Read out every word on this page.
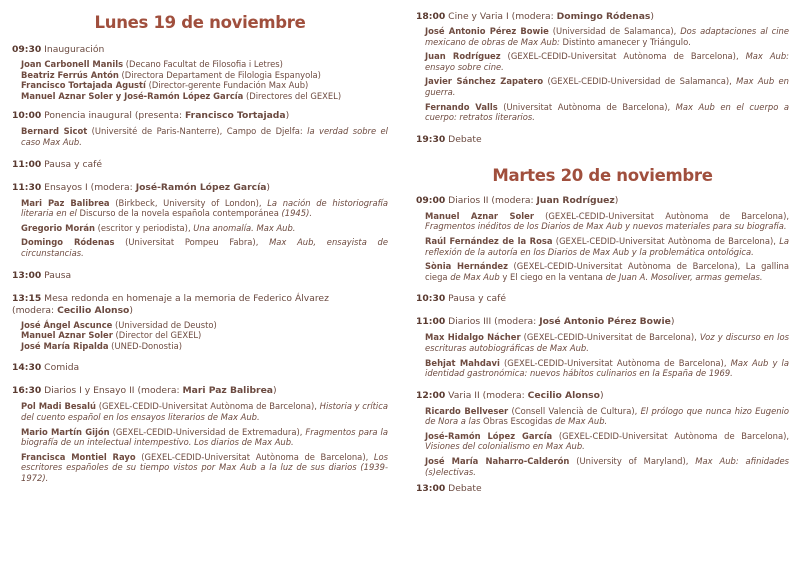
Lunes 19 de noviembre
09:30 Inauguración
Joan Carbonell Manils (Decano Facultat de Filosofia i Letres)
Beatriz Ferrús Antón (Directora Departament de Filologia Espanyola)
Francisco Tortajada Agustí (Director-gerente Fundación Max Aub)
Manuel Aznar Soler y José-Ramón López García (Directores del GEXEL)
10:00 Ponencia inaugural (presenta: Francisco Tortajada)
Bernard Sicot (Université de Paris-Nanterre), Campo de Djelfa: la verdad sobre el caso Max Aub.
11:00 Pausa y café
11:30 Ensayos I (modera: José-Ramón López García)
Mari Paz Balibrea (Birkbeck, University of London), La nación de historiografía literaria en el Discurso de la novela española contemporánea (1945).
Gregorio Morán (escritor y periodista), Una anomalía. Max Aub.
Domingo Ródenas (Universitat Pompeu Fabra), Max Aub, ensayista de circunstancias.
13:00 Pausa
13:15 Mesa redonda en homenaje a la memoria de Federico Álvarez
(modera: Cecilio Alonso)
José Ángel Ascunce (Universidad de Deusto)
Manuel Aznar Soler (Director del GEXEL)
José María Ripalda (UNED-Donostia)
14:30 Comida
16:30 Diarios I y Ensayo II (modera: Mari Paz Balibrea)
Pol Madi Besalú (GEXEL-CEDID-Universitat Autònoma de Barcelona), Historia y crítica del cuento español en los ensayos literarios de Max Aub.
Mario Martín Gijón (GEXEL-CEDID-Universidad de Extremadura), Fragmentos para la biografía de un intelectual intempestivo. Los diarios de Max Aub.
Francisca Montiel Rayo (GEXEL-CEDID-Universitat Autònoma de Barcelona), Los escritores españoles de su tiempo vistos por Max Aub a la luz de sus diarios (1939-1972).
18:00 Cine y Varia I (modera: Domingo Ródenas)
José Antonio Pérez Bowie (Universidad de Salamanca), Dos adaptaciones al cine mexicano de obras de Max Aub: Distinto amanecer y Triángulo.
Juan Rodríguez (GEXEL-CEDID-Universitat Autònoma de Barcelona), Max Aub: ensayo sobre cine.
Javier Sánchez Zapatero (GEXEL-CEDID-Universidad de Salamanca), Max Aub en guerra.
Fernando Valls (Universitat Autònoma de Barcelona), Max Aub en el cuerpo a cuerpo: retratos literarios.
19:30 Debate
Martes 20 de noviembre
09:00 Diarios II (modera: Juan Rodríguez)
Manuel Aznar Soler (GEXEL-CEDID-Universitat Autònoma de Barcelona), Fragmentos inéditos de los Diarios de Max Aub y nuevos materiales para su biografía.
Raúl Fernández de la Rosa (GEXEL-CEDID-Universitat Autònoma de Barcelona), La reflexión de la autoría en los Diarios de Max Aub y la problemática ontológica.
Sònia Hernández (GEXEL-CEDID-Universitat Autònoma de Barcelona), La gallina ciega de Max Aub y El ciego en la ventana de Juan A. Mosoliver, armas gemelas.
10:30 Pausa y café
11:00 Diarios III (modera: José Antonio Pérez Bowie)
Max Hidalgo Nácher (GEXEL-CEDID-Universitat de Barcelona), Voz y discurso en los escrituras autobiográficas de Max Aub.
Behjat Mahdavi (GEXEL-CEDID-Universitat Autònoma de Barcelona), Max Aub y la identidad gastronómica: nuevos hábitos culinarios en la España de 1969.
12:00 Varia II (modera: Cecilio Alonso)
Ricardo Bellveser (Consell Valencià de Cultura), El prólogo que nunca hizo Eugenio de Nora a las Obras Escogidas de Max Aub.
José-Ramón López García (GEXEL-CEDID-Universitat Autònoma de Barcelona), Visiones del colonialismo en Max Aub.
José María Naharro-Calderón (University of Maryland), Max Aub: afinidades (s)electivas.
13:00 Debate
